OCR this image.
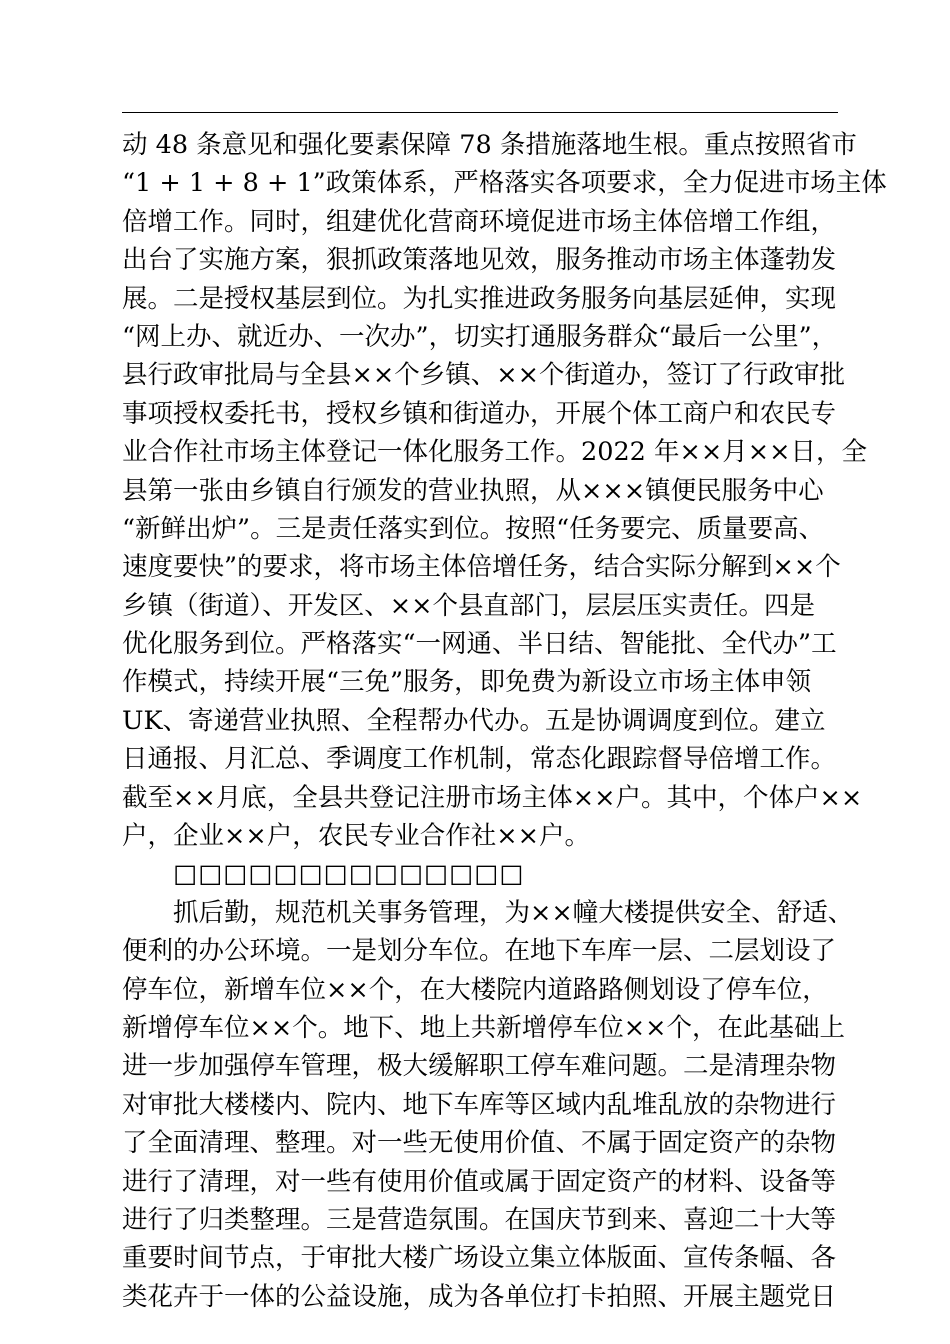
动 48 条意见和强化要素保障 78 条措施落地生根。重点按照省市
“1 + 1 + 8 + 1”政策体系，严格落实各项要求，全力促进市场主体
倍增工作。同时，组建优化营商环境促进市场主体倍增工作组，
出台了实施方案，狠抓政策落地见效，服务推动市场主体蓬勃发
展。二是授权基层到位。为扎实推进政务服务向基层延伸，实现
“网上办、就近办、一次办”，切实打通服务群众“最后一公里”，
县行政审批局与全县××个乡镇、××个街道办，签订了行政审批
事项授权委托书，授权乡镇和街道办，开展个体工商户和农民专
业合作社市场主体登记一体化服务工作。2022 年××月××日，全
县第一张由乡镇自行颁发的营业执照，从×××镇便民服务中心
“新鲜出炉”。三是责任落实到位。按照“任务要完、质量要高、
速度要快”的要求，将市场主体倍增任务，结合实际分解到××个
乡镇（街道）、开发区、××个县直部门，层层压实责任。四是
优化服务到位。严格落实“一网通、半日结、智能批、全代办”工
作模式，持续开展“三免”服务，即免费为新设立市场主体申领
UK、寄递营业执照、全程帮办代办。五是协调调度到位。建立
日通报、月汇总、季调度工作机制，常态化跟踪督导倍增工作。
截至××月底，全县共登记注册市场主体××户。其中，个体户××
户，企业××户，农民专业合作社××户。
□□□□□□□□□□□□□□
抓后勤，规范机关事务管理，为××幢大楼提供安全、舒适、
便利的办公环境。一是划分车位。在地下车库一层、二层划设了
停车位，新增车位××个，在大楼院内道路路侧划设了停车位，
新增停车位××个。地下、地上共新增停车位××个，在此基础上
进一步加强停车管理，极大缓解职工停车难问题。二是清理杂物
对审批大楼楼内、院内、地下车库等区域内乱堆乱放的杂物进行
了全面清理、整理。对一些无使用价值、不属于固定资产的杂物
进行了清理，对一些有使用价值或属于固定资产的材料、设备等
进行了归类整理。三是营造氛围。在国庆节到来、喜迎二十大等
重要时间节点，于审批大楼广场设立集立体版面、宣传条幅、各
类花卉于一体的公益设施，成为各单位打卡拍照、开展主题党日
